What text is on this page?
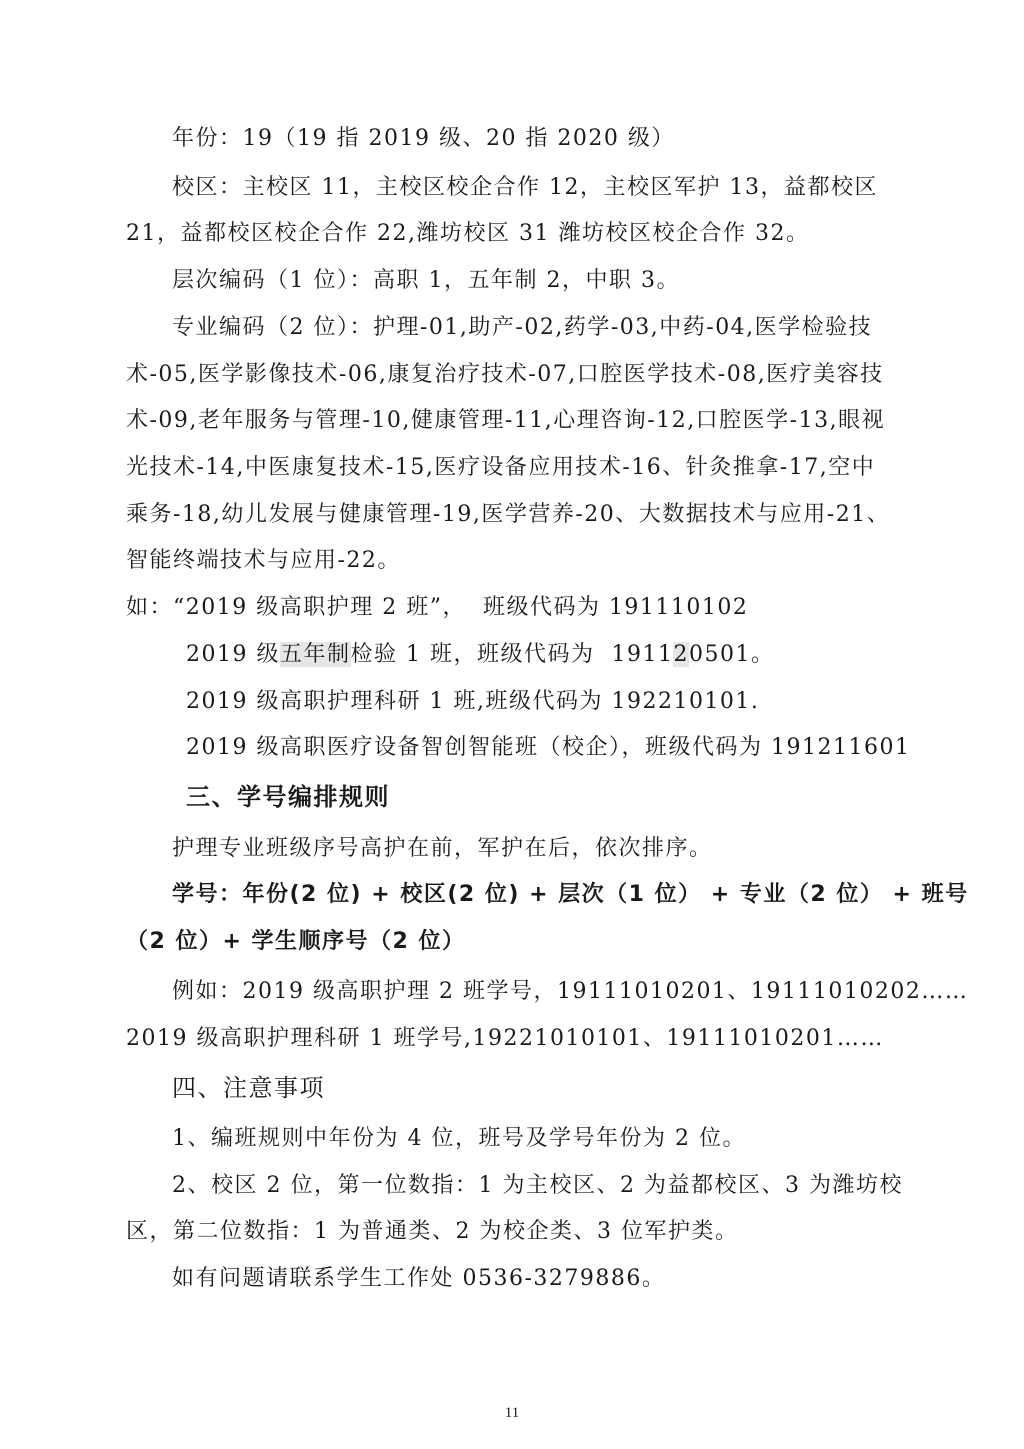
年份：19（19 指 2019 级、20 指 2020 级）
校区：主校区 11，主校区校企合作 12，主校区军护 13，益都校区
21，益都校区校企合作 22,潍坊校区 31 潍坊校区校企合作 32。
层次编码（1 位）：高职 1，五年制 2，中职 3。
专业编码（2 位）：护理-01,助产-02,药学-03,中药-04,医学检验技
术-05,医学影像技术-06,康复治疗技术-07,口腔医学技术-08,医疗美容技
术-09,老年服务与管理-10,健康管理-11,心理咨询-12,口腔医学-13,眼视
光技术-14,中医康复技术-15,医疗设备应用技术-16、针灸推拿-17,空中
乘务-18,幼儿发展与健康管理-19,医学营养-20、大数据技术与应用-21、
智能终端技术与应用-22。
如：“2019 级高职护理 2 班”，  班级代码为 191110102
2019 级五年制检验 1 班，班级代码为  191120501。
2019 级高职护理科研 1 班,班级代码为 192210101.
2019 级高职医疗设备智创智能班（校企），班级代码为 191211601
三、学号编排规则
护理专业班级序号高护在前，军护在后，依次排序。
学号：年份(2 位) + 校区(2 位) + 层次（1 位） + 专业（2 位） + 班号
（2 位）+ 学生顺序号（2 位）
例如：2019 级高职护理 2 班学号，19111010201、19111010202……
2019 级高职护理科研 1 班学号,19221010101、19111010201……
四、注意事项
1、编班规则中年份为 4 位，班号及学号年份为 2 位。
2、校区 2 位，第一位数指：1 为主校区、2 为益都校区、3 为潍坊校
区，第二位数指：1 为普通类、2 为校企类、3 位军护类。
如有问题请联系学生工作处 0536-3279886。
11
